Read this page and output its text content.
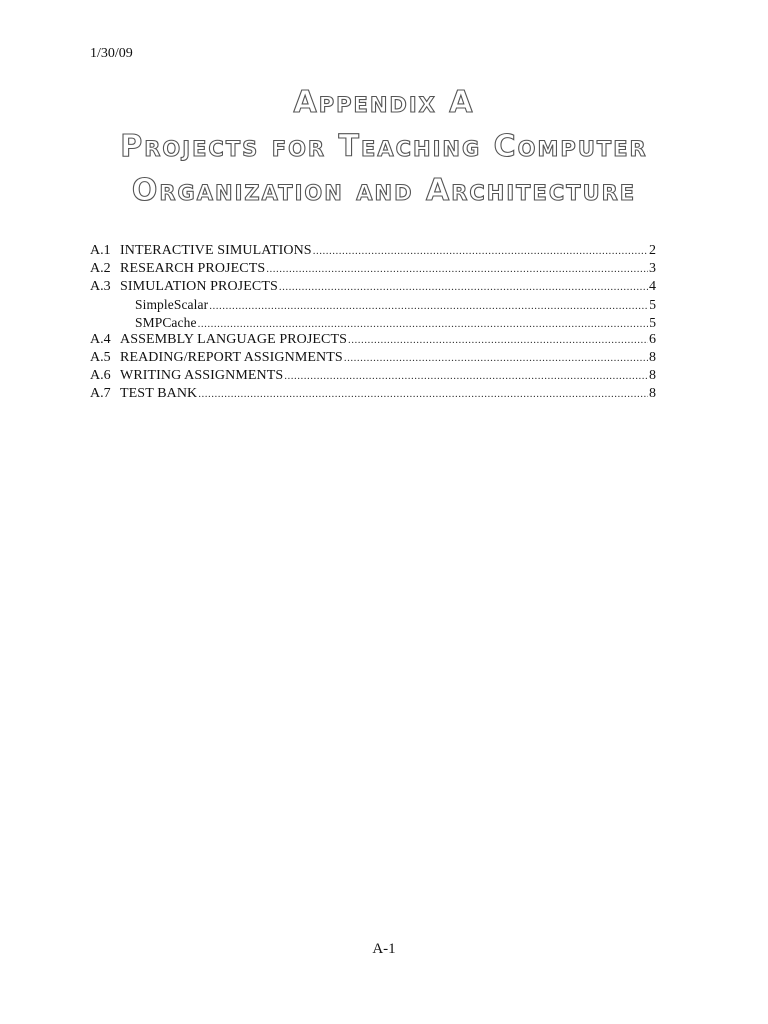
1/30/09
Appendix A
Projects for Teaching Computer
Organization and Architecture
A.1 INTERACTIVE SIMULATIONS .....	2
A.2 RESEARCH PROJECTS .....	3
A.3 SIMULATION PROJECTS .....	4
SimpleScalar .....	5
SMPCache .....	5
A.4 ASSEMBLY LANGUAGE PROJECTS .....	6
A.5 READING/REPORT ASSIGNMENTS .....	8
A.6 WRITING ASSIGNMENTS .....	8
A.7 TEST BANK .....	8
A-1
